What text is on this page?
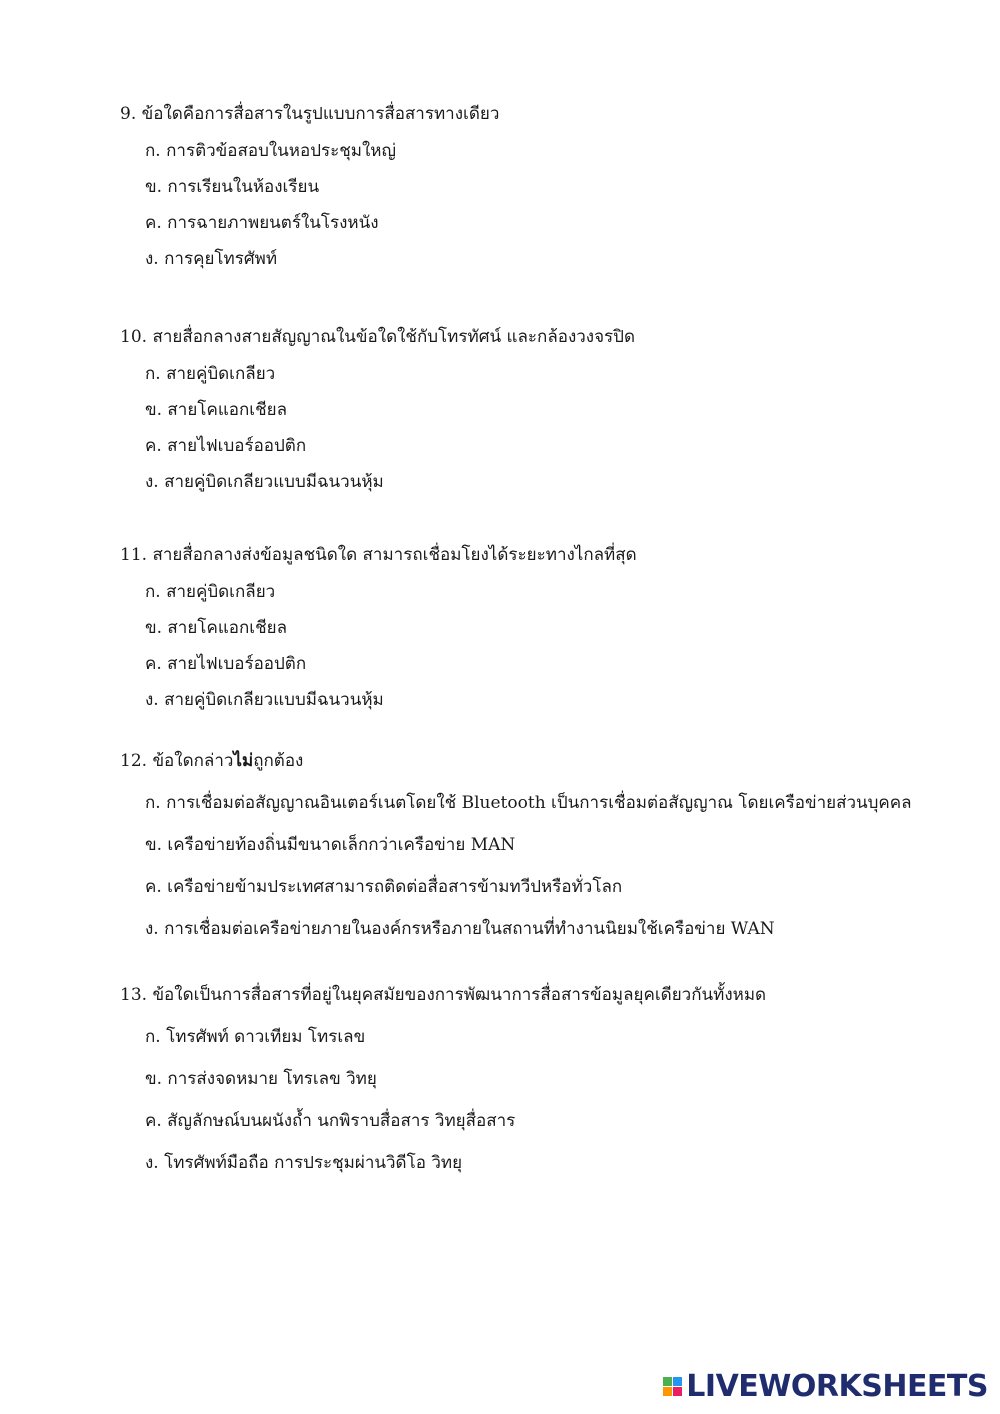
9. ข้อใดคือการสื่อสารในรูปแบบการสื่อสารทางเดียว
ก. การติวข้อสอบในหอประชุมใหญ่
ข. การเรียนในห้องเรียน
ค. การฉายภาพยนตร์ในโรงหนัง
ง. การคุยโทรศัพท์
10. สายสื่อกลางสายสัญญาณในข้อใดใช้กับโทรทัศน์ และกล้องวงจรปิด
ก. สายคู่บิดเกลียว
ข. สายโคแอกเชียล
ค. สายไฟเบอร์ออปติก
ง. สายคู่บิดเกลียวแบบมีฉนวนหุ้ม
11. สายสื่อกลางส่งข้อมูลชนิดใด สามารถเชื่อมโยงได้ระยะทางไกลที่สุด
ก. สายคู่บิดเกลียว
ข. สายโคแอกเชียล
ค. สายไฟเบอร์ออปติก
ง. สายคู่บิดเกลียวแบบมีฉนวนหุ้ม
12. ข้อใดกล่าวไม่ถูกต้อง
ก. การเชื่อมต่อสัญญาณอินเตอร์เนตโดยใช้ Bluetooth เป็นการเชื่อมต่อสัญญาณ โดยเครือข่ายส่วนบุคคล
ข. เครือข่ายท้องถิ่นมีขนาดเล็กกว่าเครือข่าย MAN
ค. เครือข่ายข้ามประเทศสามารถติดต่อสื่อสารข้ามทวีปหรือทั่วโลก
ง. การเชื่อมต่อเครือข่ายภายในองค์กรหรือภายในสถานที่ทำงานนิยมใช้เครือข่าย WAN
13. ข้อใดเป็นการสื่อสารที่อยู่ในยุคสมัยของการพัฒนาการสื่อสารข้อมูลยุคเดียวกันทั้งหมด
ก. โทรศัพท์ ดาวเทียม โทรเลข
ข. การส่งจดหมาย โทรเลข วิทยุ
ค. สัญลักษณ์บนผนังถ้ำ นกพิราบสื่อสาร วิทยุสื่อสาร
ง. โทรศัพท์มือถือ การประชุมผ่านวิดีโอ วิทยุ
LIVEWORKSHEETS
